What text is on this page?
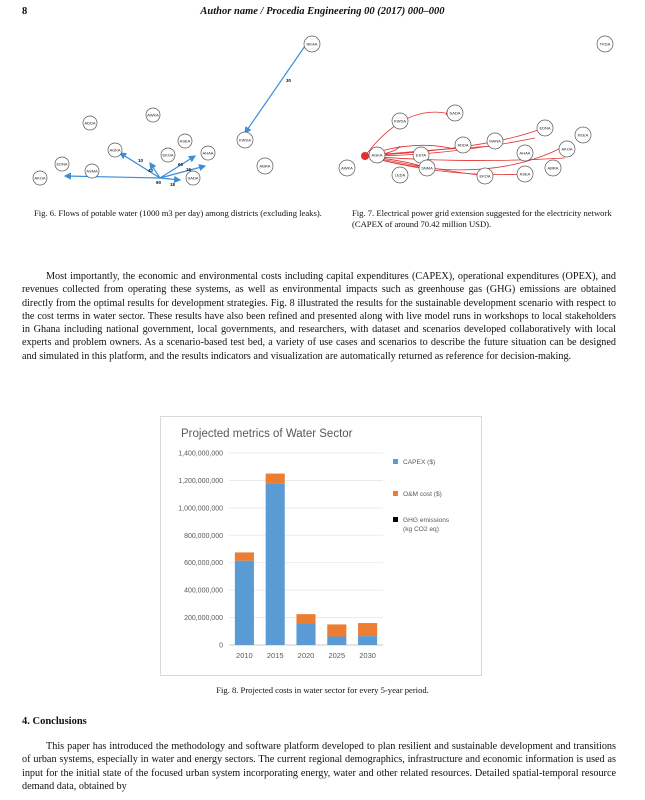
8	Author name / Procedia Engineering 00 (2017) 000–000
NKAA
KWDA
ABRA
ADDA
AWKA
EDNA
AKOA
ASMA
AGKA
EKOA	AHAA
SADA
ASEA
30
10
60
16
40
18
90
Fig. 6. Flows of potable water (1000 m3 per day) among districts (excluding leaks).
TKDA
KWDA
SADA
AGKA	ESTA
ADDA
MANA
EDNA
AKOA
SNMA
EKOA	ASEA
AHAA
ABRA
AWKA
LEDA
KEEA
Fig. 7. Electrical power grid extension suggested for the electricity network (CAPEX of around 70.42 million USD).

Most importantly, the economic and environmental costs including capital expenditures (CAPEX), operational expenditures (OPEX), and revenues collected from operating these systems, as well as environmental impacts such as greenhouse gas (GHG) emissions are obtained directly from the optimal results for development strategies. Fig. 8 illustrated the results for the sustainable development scenario with respect to the cost terms in water sector. These results have also been refined and presented along with live model runs in workshops to local stakeholders in Ghana including national government, local governments, and researchers, with dataset and scenarios developed collaboratively with local experts and problem owners. As a scenario-based test bed, a variety of use cases and scenarios to describe the future situation can be designed and simulated in this platform, and the results indicators and visualization are automatically returned as reference for decision-making.

Projected metrics of Water Sector
0
200,000,000
400,000,000
600,000,000
800,000,000
1,000,000,000
1,200,000,000
1,400,000,000
2010 2015 2020 2025 2030
CAPEX ($)
O&M cost ($)
GHG emissions
(kg CO2 eq)
Fig. 8. Projected costs in water sector for every 5-year period.
4. Conclusions

This paper has introduced the methodology and software platform developed to plan resilient and sustainable development and transitions of urban systems, especially in water and energy sectors. The current regional demographics, infrastructure and economic information is used as input for the initial state of the focused urban system incorporating energy, water and other related resources. Detailed spatial-temporal resource demand data, obtained by
